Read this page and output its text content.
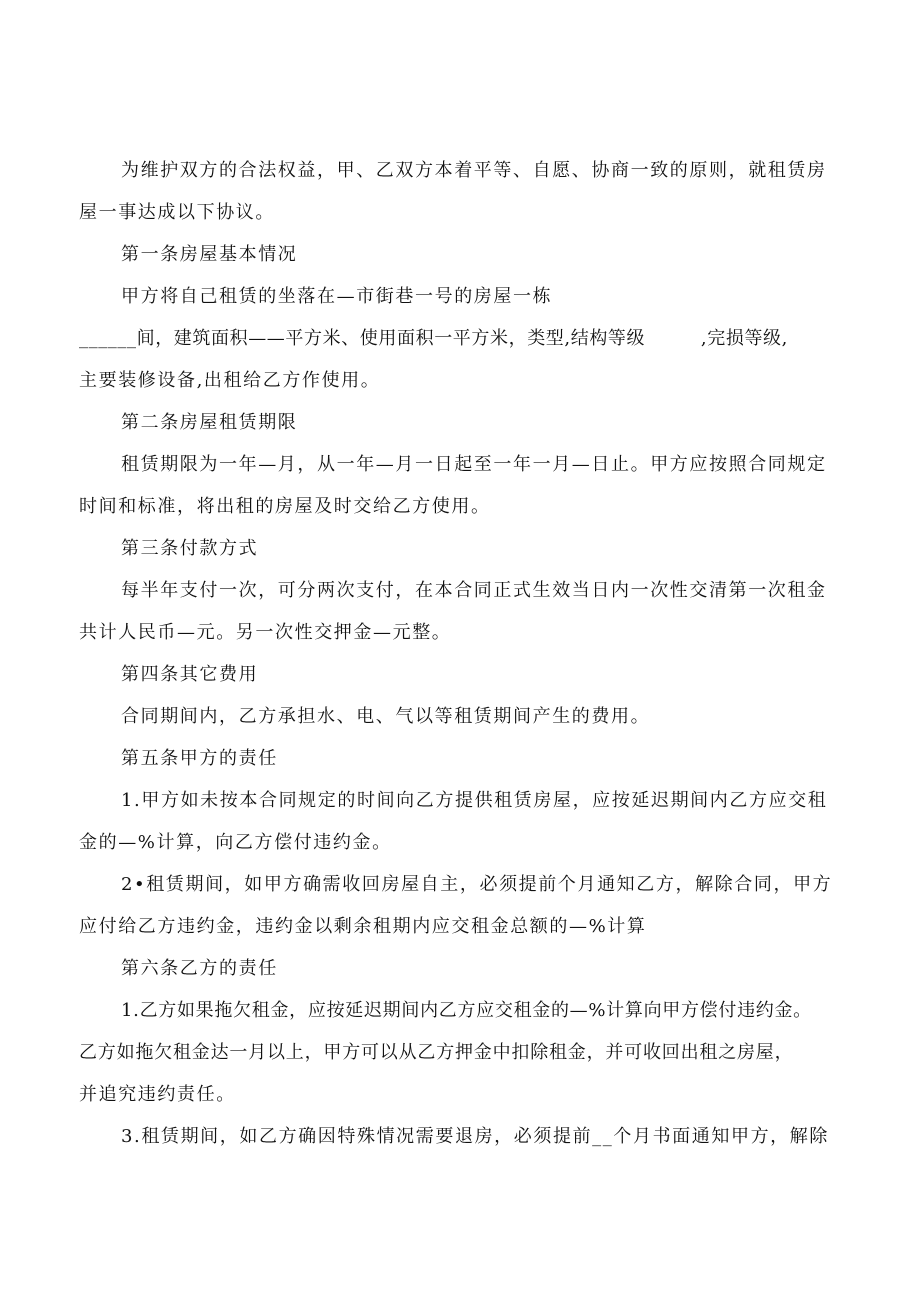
为维护双方的合法权益，甲、乙双方本着平等、自愿、协商一致的原则，就租赁房
屋一事达成以下协议。
第一条房屋基本情况
甲方将自己租赁的坐落在—市街巷一号的房屋一栋
______间，建筑面积——平方米、使用面积一平方米，类型,结构等级　　　,完损等级,
主要装修设备,出租给乙方作使用。
第二条房屋租赁期限
租赁期限为一年—月，从一年—月一日起至一年一月—日止。甲方应按照合同规定
时间和标准，将出租的房屋及时交给乙方使用。
第三条付款方式
每半年支付一次，可分两次支付，在本合同正式生效当日内一次性交清第一次租金
共计人民币—元。另一次性交押金—元整。
第四条其它费用
合同期间内，乙方承担水、电、气以等租赁期间产生的费用。
第五条甲方的责任
1.甲方如未按本合同规定的时间向乙方提供租赁房屋，应按延迟期间内乙方应交租
金的—%计算，向乙方偿付违约金。
2•租赁期间，如甲方确需收回房屋自主，必须提前个月通知乙方，解除合同，甲方
应付给乙方违约金，违约金以剩余租期内应交租金总额的—%计算
第六条乙方的责任
1.乙方如果拖欠租金，应按延迟期间内乙方应交租金的—%计算向甲方偿付违约金。
乙方如拖欠租金达一月以上，甲方可以从乙方押金中扣除租金，并可收回出租之房屋，
并追究违约责任。
3.租赁期间，如乙方确因特殊情况需要退房，必须提前__个月书面通知甲方，解除
